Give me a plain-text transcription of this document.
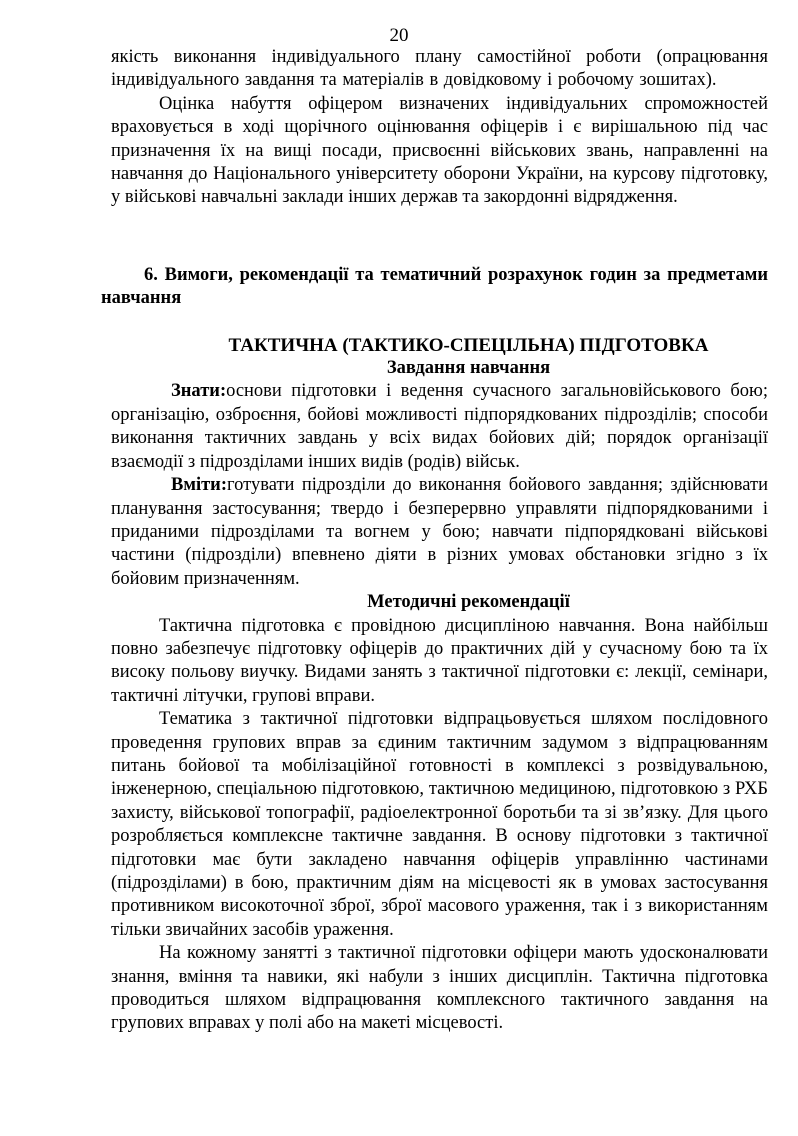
20

якість виконання індивідуального плану самостійної роботи (опрацювання індивідуального завдання та матеріалів в довідковому і робочому зошитах).

Оцінка набуття офіцером визначених індивідуальних спроможностей враховується в ході щорічного оцінювання офіцерів і є вирішальною під час призначення їх на вищі посади, присвоєнні військових звань, направленні на навчання до Національного університету оборони України, на курсову підготовку, у військові навчальні заклади інших держав та закордонні відрядження.

6. Вимоги, рекомендації та тематичний розрахунок годин за предметами навчання

ТАКТИЧНА (ТАКТИКО-СПЕЦІЛЬНА) ПІДГОТОВКА

Завдання навчання

Знати:основи підготовки і ведення сучасного загальновійськового бою; організацію, озброєння, бойові можливості підпорядкованих підрозділів; способи виконання тактичних завдань у всіх видах бойових дій; порядок організації взаємодії з підрозділами інших видів (родів) військ.

Вміти:готувати підрозділи до виконання бойового завдання; здійснювати планування застосування; твердо і безперервно управляти підпорядкованими і приданими підрозділами та вогнем у бою; навчати підпорядковані військові частини (підрозділи) впевнено діяти в різних умовах обстановки згідно з їх бойовим призначенням.

Методичні рекомендації

Тактична підготовка є провідною дисципліною навчання. Вона найбільш повно забезпечує підготовку офіцерів до практичних дій у сучасному бою та їх високу польову виучку. Видами занять з тактичної підготовки є: лекції, семінари, тактичні літучки, групові вправи.

Тематика з тактичної підготовки відпрацьовується шляхом послідовного проведення групових вправ за єдиним тактичним задумом з відпрацюванням питань бойової та мобілізаційної готовності в комплексі з розвідувальною, інженерною, спеціальною підготовкою, тактичною медициною, підготовкою з РХБ захисту, військової топографії, радіоелектронної боротьби та зі зв’язку. Для цього розробляється комплексне тактичне завдання. В основу підготовки з тактичної підготовки має бути закладено навчання офіцерів управлінню частинами (підрозділами) в бою, практичним діям на місцевості як в умовах застосування противником високоточної зброї, зброї масового ураження, так і з використанням тільки звичайних засобів ураження.

На кожному занятті з тактичної підготовки офіцери мають удосконалювати знання, вміння та навики, які набули з інших дисциплін. Тактична підготовка проводиться шляхом відпрацювання комплексного тактичного завдання на групових вправах у полі або на макеті місцевості.
